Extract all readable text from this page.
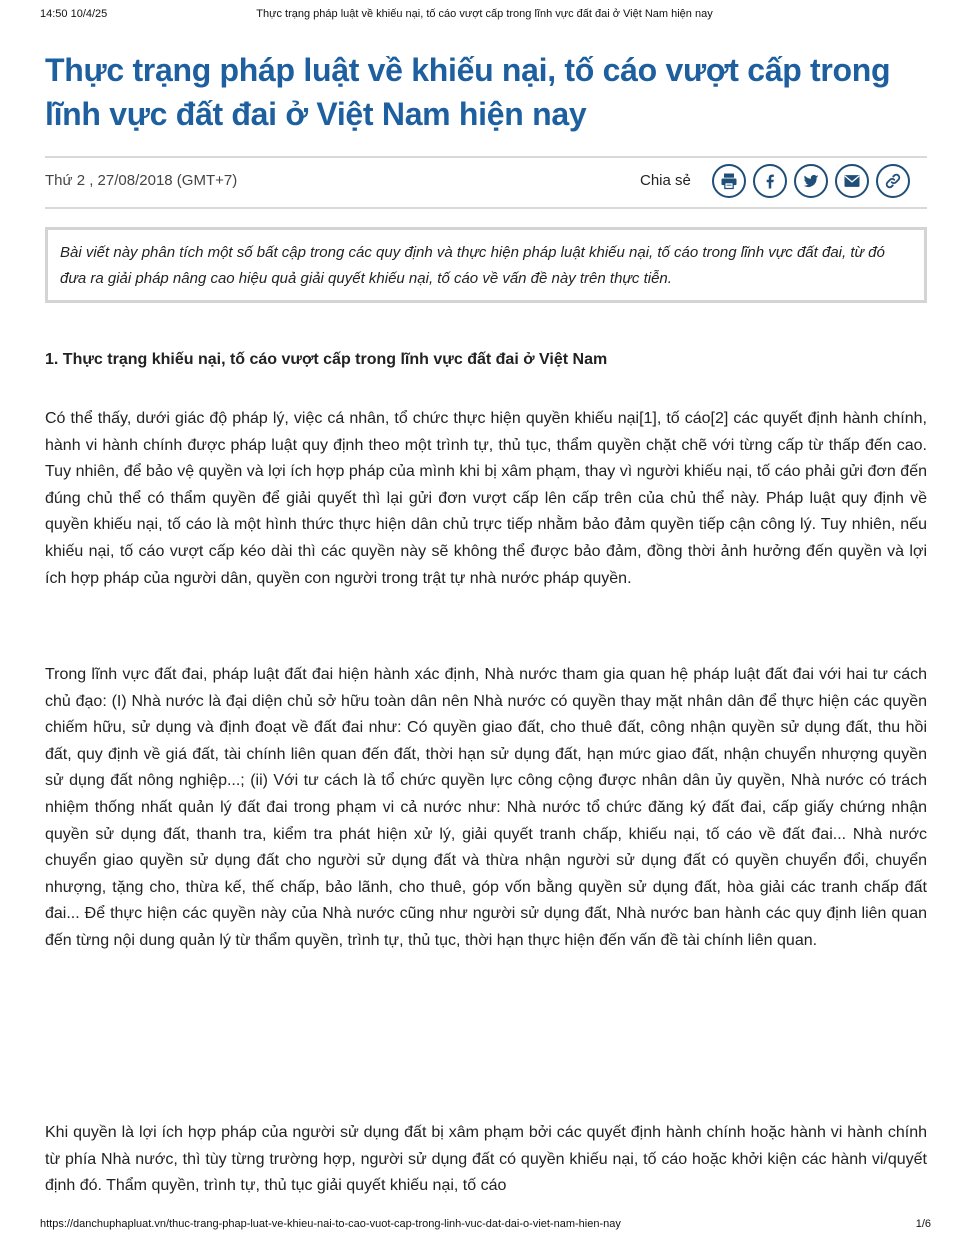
14:50 10/4/25	Thực trạng pháp luật về khiếu nại, tố cáo vượt cấp trong lĩnh vực đất đai ở Việt Nam hiện nay
Thực trạng pháp luật về khiếu nại, tố cáo vượt cấp trong lĩnh vực đất đai ở Việt Nam hiện nay
Thứ 2 , 27/08/2018 (GMT+7)	Chia sẻ
Bài viết này phân tích một số bất cập trong các quy định và thực hiện pháp luật khiếu nại, tố cáo trong lĩnh vực đất đai, từ đó đưa ra giải pháp nâng cao hiệu quả giải quyết khiếu nại, tố cáo về vấn đề này trên thực tiễn.
1. Thực trạng khiếu nại, tố cáo vượt cấp trong lĩnh vực đất đai ở Việt Nam

Có thể thấy, dưới giác độ pháp lý, việc cá nhân, tổ chức thực hiện quyền khiếu nại[1], tố cáo[2] các quyết định hành chính, hành vi hành chính được pháp luật quy định theo một trình tự, thủ tục, thẩm quyền chặt chẽ với từng cấp từ thấp đến cao. Tuy nhiên, để bảo vệ quyền và lợi ích hợp pháp của mình khi bị xâm phạm, thay vì người khiếu nại, tố cáo phải gửi đơn đến đúng chủ thể có thẩm quyền để giải quyết thì lại gửi đơn vượt cấp lên cấp trên của chủ thể này. Pháp luật quy định về quyền khiếu nại, tố cáo là một hình thức thực hiện dân chủ trực tiếp nhằm bảo đảm quyền tiếp cận công lý. Tuy nhiên, nếu khiếu nại, tố cáo vượt cấp kéo dài thì các quyền này sẽ không thể được bảo đảm, đồng thời ảnh hưởng đến quyền và lợi ích hợp pháp của người dân, quyền con người trong trật tự nhà nước pháp quyền.

Trong lĩnh vực đất đai, pháp luật đất đai hiện hành xác định, Nhà nước tham gia quan hệ pháp luật đất đai với hai tư cách chủ đạo: (I) Nhà nước là đại diện chủ sở hữu toàn dân nên Nhà nước có quyền thay mặt nhân dân để thực hiện các quyền chiếm hữu, sử dụng và định đoạt về đất đai như: Có quyền giao đất, cho thuê đất, công nhận quyền sử dụng đất, thu hồi đất, quy định về giá đất, tài chính liên quan đến đất, thời hạn sử dụng đất, hạn mức giao đất, nhận chuyển nhượng quyền sử dụng đất nông nghiệp...; (ii) Với tư cách là tổ chức quyền lực công cộng được nhân dân ủy quyền, Nhà nước có trách nhiệm thống nhất quản lý đất đai trong phạm vi cả nước như: Nhà nước tổ chức đăng ký đất đai, cấp giấy chứng nhận quyền sử dụng đất, thanh tra, kiểm tra phát hiện xử lý, giải quyết tranh chấp, khiếu nại, tố cáo về đất đai... Nhà nước chuyển giao quyền sử dụng đất cho người sử dụng đất và thừa nhận người sử dụng đất có quyền chuyển đổi, chuyển nhượng, tặng cho, thừa kế, thế chấp, bảo lãnh, cho thuê, góp vốn bằng quyền sử dụng đất, hòa giải các tranh chấp đất đai... Để thực hiện các quyền này của Nhà nước cũng như người sử dụng đất, Nhà nước ban hành các quy định liên quan đến từng nội dung quản lý từ thẩm quyền, trình tự, thủ tục, thời hạn thực hiện đến vấn đề tài chính liên quan.

Khi quyền là lợi ích hợp pháp của người sử dụng đất bị xâm phạm bởi các quyết định hành chính hoặc hành vi hành chính từ phía Nhà nước, thì tùy từng trường hợp, người sử dụng đất có quyền khiếu nại, tố cáo hoặc khởi kiện các hành vi/quyết định đó. Thẩm quyền, trình tự, thủ tục giải quyết khiếu nại, tố cáo

https://danchuphapluat.vn/thuc-trang-phap-luat-ve-khieu-nai-to-cao-vuot-cap-trong-linh-vuc-dat-dai-o-viet-nam-hien-nay	1/6
